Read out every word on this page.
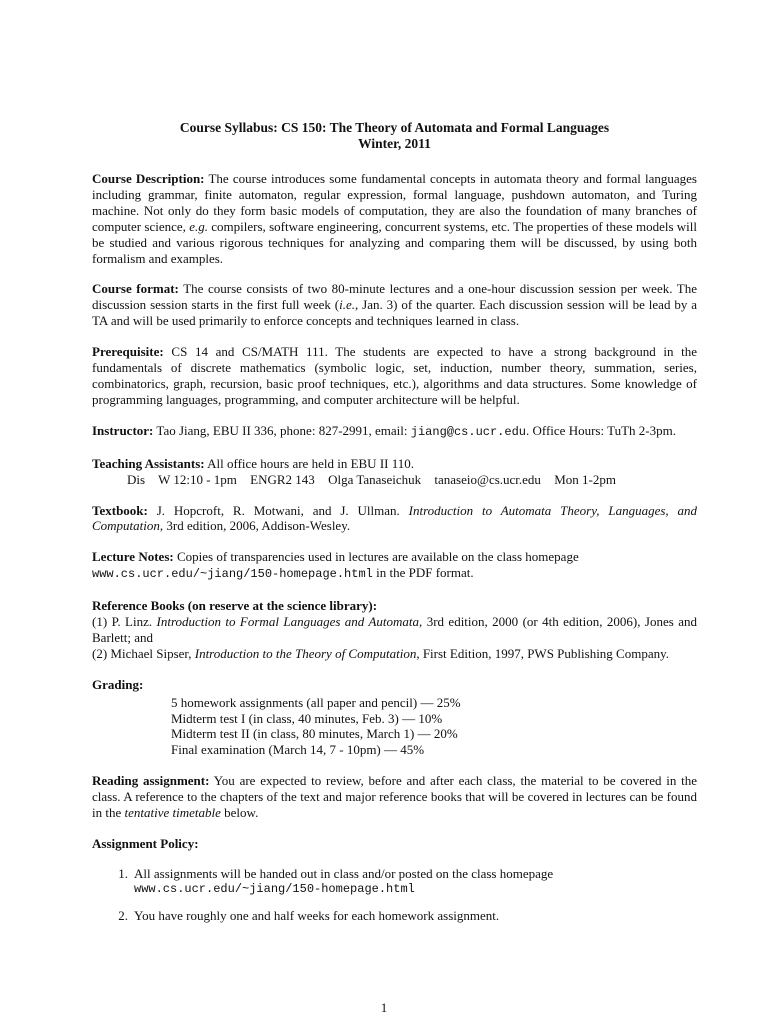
Course Syllabus: CS 150: The Theory of Automata and Formal Languages
Winter, 2011

Course Description: The course introduces some fundamental concepts in automata theory and formal languages including grammar, finite automaton, regular expression, formal language, pushdown automaton, and Turing machine. Not only do they form basic models of computation, they are also the foundation of many branches of computer science, e.g. compilers, software engineering, concurrent systems, etc. The properties of these models will be studied and various rigorous techniques for analyzing and comparing them will be discussed, by using both formalism and examples.

Course format: The course consists of two 80-minute lectures and a one-hour discussion session per week. The discussion session starts in the first full week (i.e., Jan. 3) of the quarter. Each discussion session will be lead by a TA and will be used primarily to enforce concepts and techniques learned in class.

Prerequisite: CS 14 and CS/MATH 111. The students are expected to have a strong background in the fundamentals of discrete mathematics (symbolic logic, set, induction, number theory, summation, series, combinatorics, graph, recursion, basic proof techniques, etc.), algorithms and data structures. Some knowledge of programming languages, programming, and computer architecture will be helpful.

Instructor: Tao Jiang, EBU II 336, phone: 827-2991, email: jiang@cs.ucr.edu. Office Hours: TuTh 2-3pm.

Teaching Assistants: All office hours are held in EBU II 110.

Dis W 12:10 - 1pm ENGR2 143 Olga Tanaseichuk tanaseio@cs.ucr.edu Mon 1-2pm

Textbook: J. Hopcroft, R. Motwani, and J. Ullman. Introduction to Automata Theory, Languages, and Computation, 3rd edition, 2006, Addison-Wesley.

Lecture Notes: Copies of transparencies used in lectures are available on the class homepage
www.cs.ucr.edu/~jiang/150-homepage.html in the PDF format.

Reference Books (on reserve at the science library):

(1) P. Linz. Introduction to Formal Languages and Automata, 3rd edition, 2000 (or 4th edition, 2006), Jones and Barlett; and

(2) Michael Sipser, Introduction to the Theory of Computation, First Edition, 1997, PWS Publishing Company.

Grading:

5 homework assignments (all paper and pencil) — 25%
Midterm test I (in class, 40 minutes, Feb. 3) — 10%
Midterm test II (in class, 80 minutes, March 1) — 20%
Final examination (March 14, 7 - 10pm) — 45%

Reading assignment: You are expected to review, before and after each class, the material to be covered in the class. A reference to the chapters of the text and major reference books that will be covered in lectures can be found in the tentative timetable below.

Assignment Policy:

1. All assignments will be handed out in class and/or posted on the class homepage
www.cs.ucr.edu/~jiang/150-homepage.html
2. You have roughly one and half weeks for each homework assignment.
1
